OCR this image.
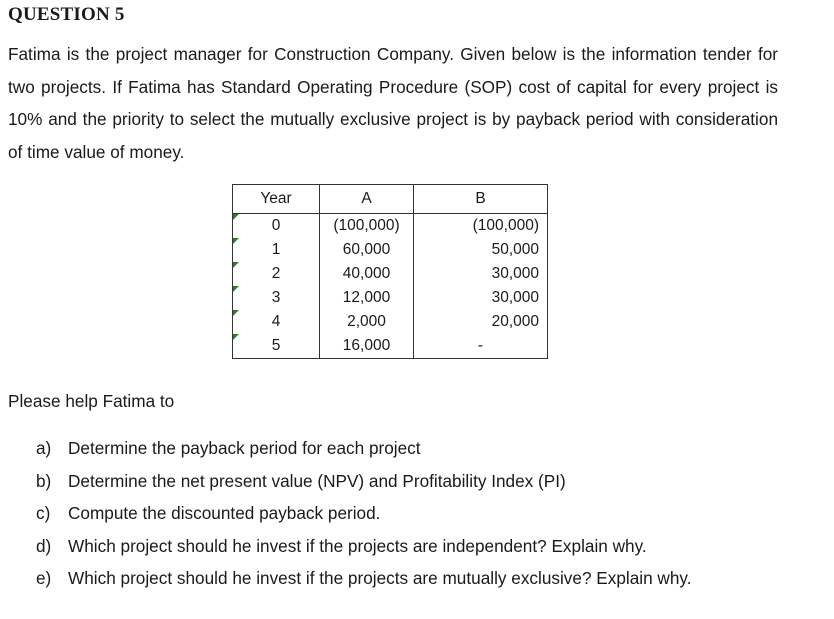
QUESTION 5
Fatima is the project manager for Construction Company. Given below is the information tender for two projects. If Fatima has Standard Operating Procedure (SOP) cost of capital for every project is 10% and the priority to select the mutually exclusive project is by payback period with consideration of time value of money.
Year	A	B

0	(100,000)	(100,000)

1	60,000	50,000

2	40,000	30,000

3	12,000	30,000

4	2,000	20,000

5	16,000	-
Please help Fatima to
a) Determine the payback period for each project
b) Determine the net present value (NPV) and Profitability Index (PI)
c) Compute the discounted payback period.
d) Which project should he invest if the projects are independent? Explain why.
e) Which project should he invest if the projects are mutually exclusive? Explain why.
